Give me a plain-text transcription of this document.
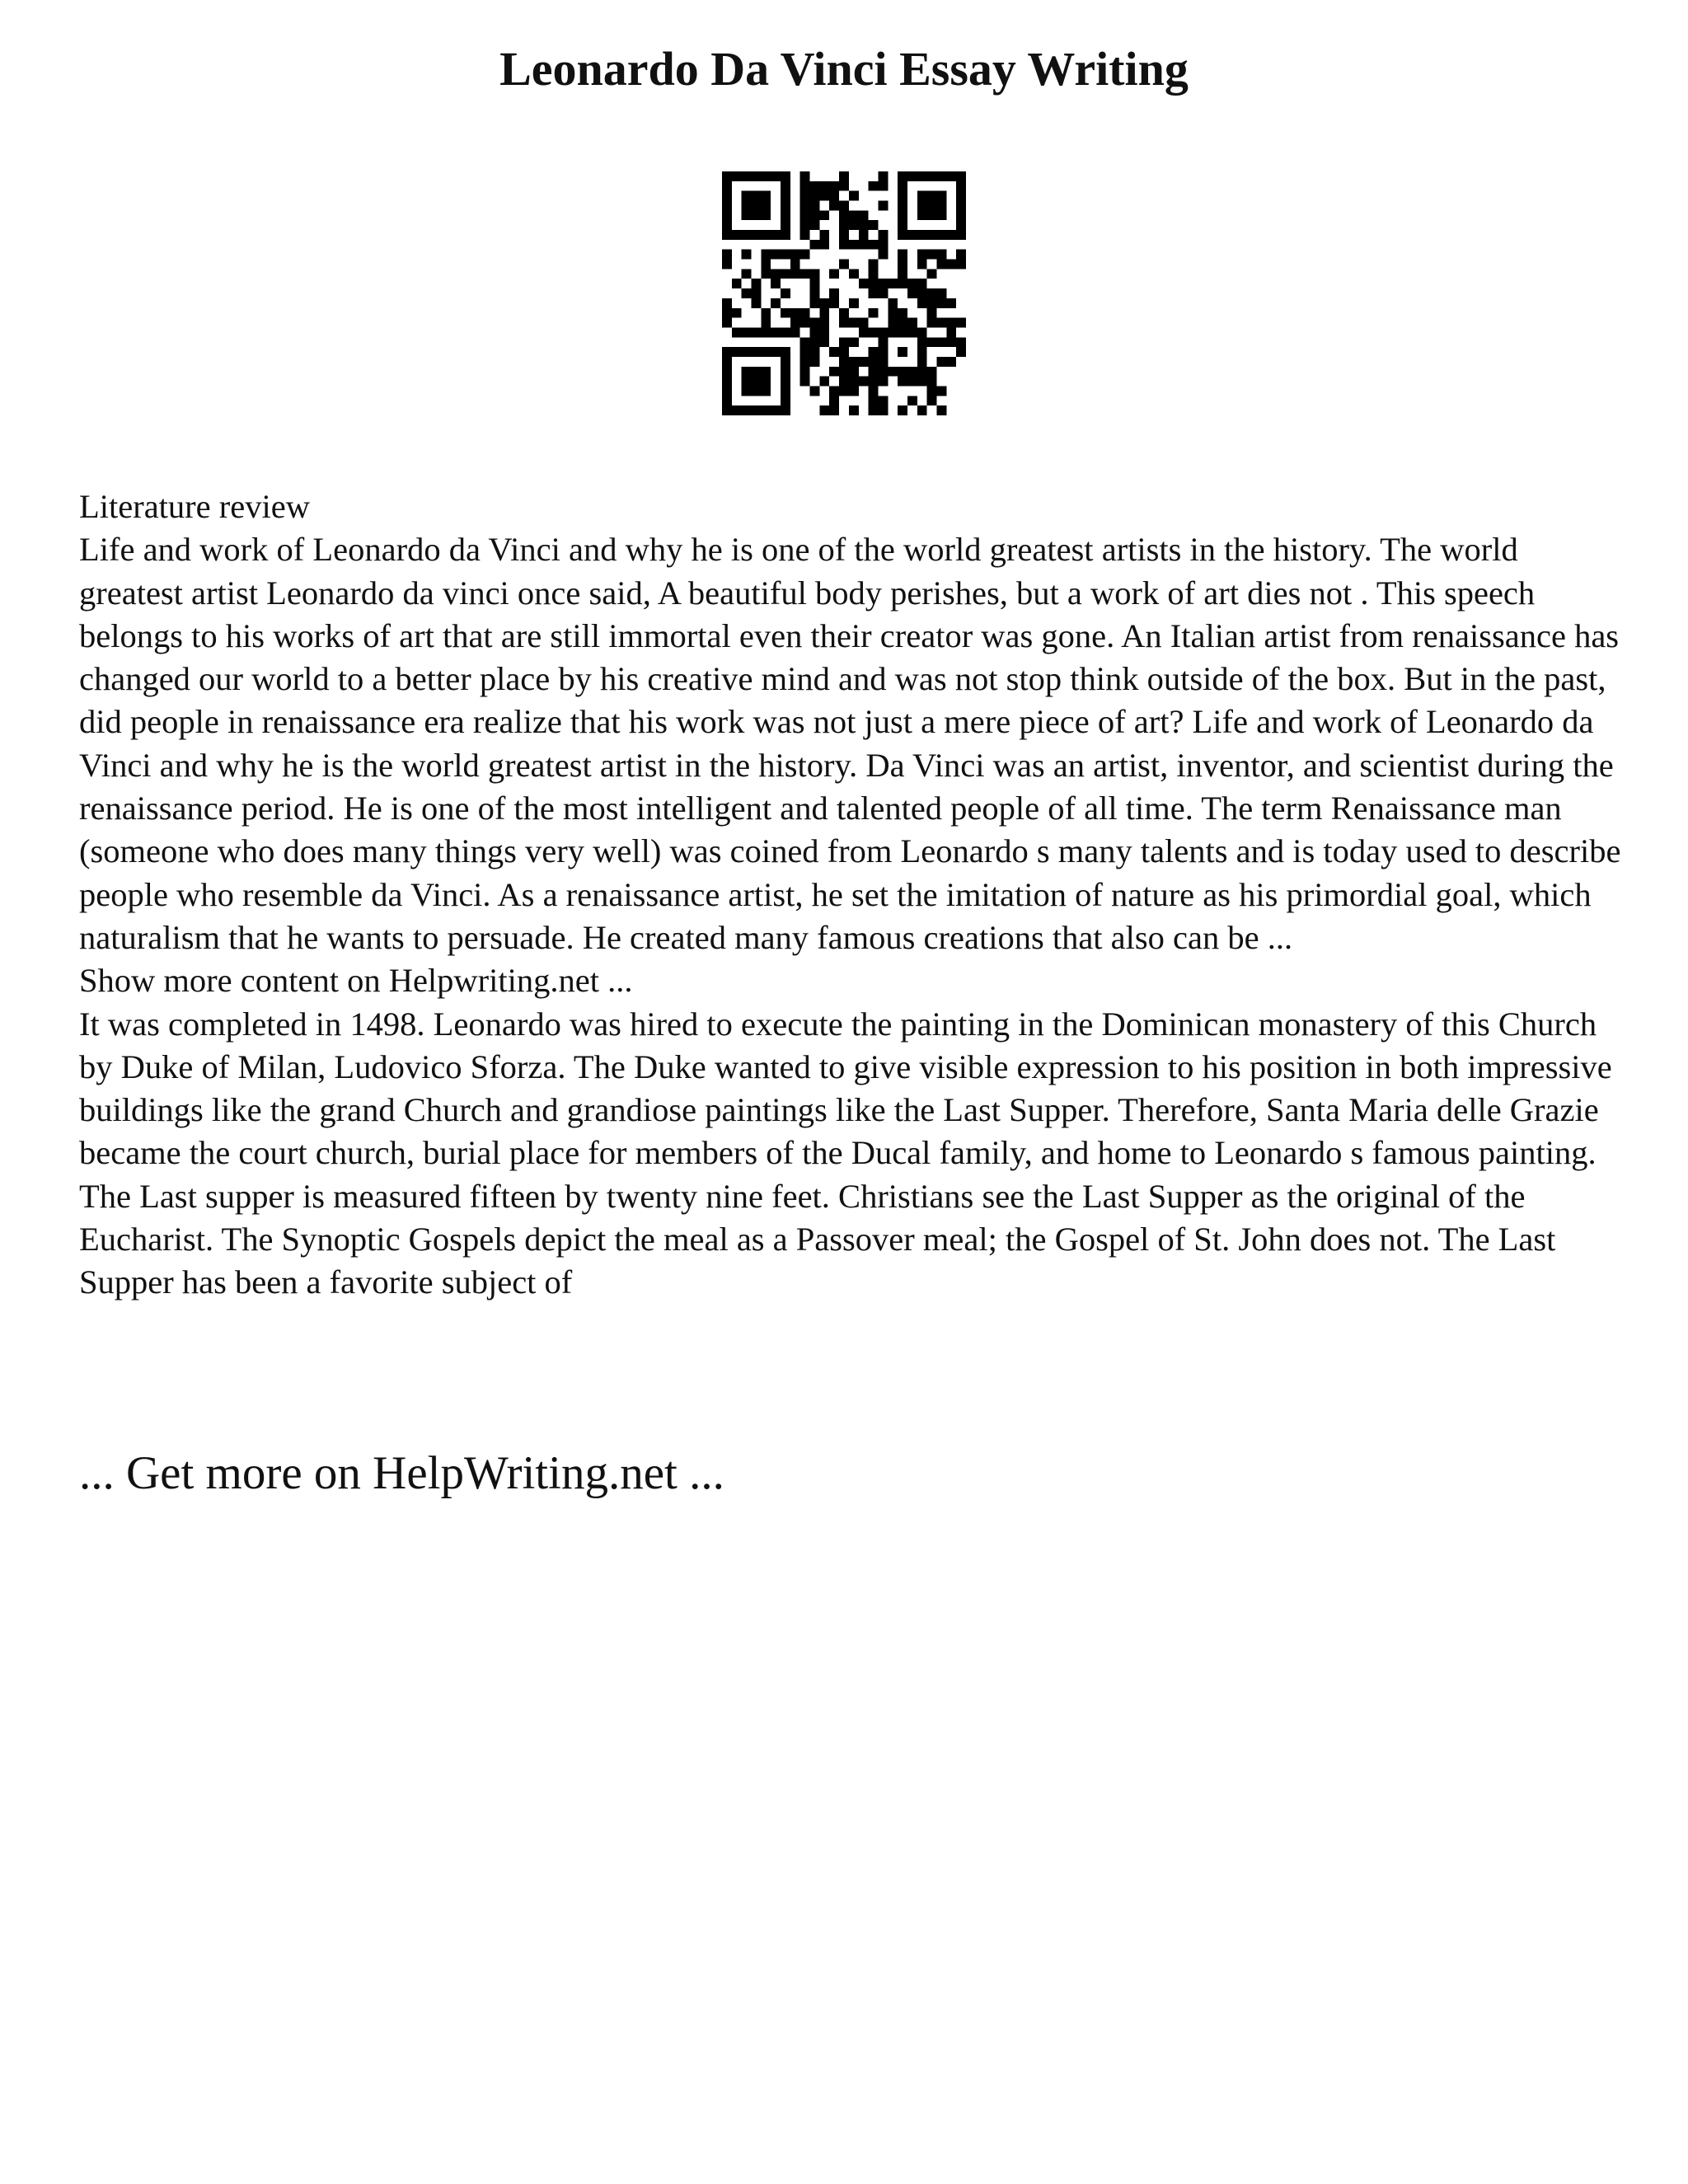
Leonardo Da Vinci Essay Writing

Literature review

Life and work of Leonardo da Vinci and why he is one of the world greatest artists in the history. The world greatest artist Leonardo da vinci once said, A beautiful body perishes, but a work of art dies not . This speech belongs to his works of art that are still immortal even their creator was gone. An Italian artist from renaissance has changed our world to a better place by his creative mind and was not stop think outside of the box. But in the past, did people in renaissance era realize that his work was not just a mere piece of art? Life and work of Leonardo da Vinci and why he is the world greatest artist in the history. Da Vinci was an artist, inventor, and scientist during the renaissance period. He is one of the most intelligent and talented people of all time. The term Renaissance man (someone who does many things very well) was coined from Leonardo s many talents and is today used to describe people who resemble da Vinci. As a renaissance artist, he set the imitation of nature as his primordial goal, which naturalism that he wants to persuade. He created many famous creations that also can be ...

Show more content on Helpwriting.net ...

It was completed in 1498. Leonardo was hired to execute the painting in the Dominican monastery of this Church by Duke of Milan, Ludovico Sforza. The Duke wanted to give visible expression to his position in both impressive buildings like the grand Church and grandiose paintings like the Last Supper. Therefore, Santa Maria delle Grazie became the court church, burial place for members of the Ducal family, and home to Leonardo s famous painting. The Last supper is measured fifteen by twenty nine feet. Christians see the Last Supper as the original of the Eucharist. The Synoptic Gospels depict the meal as a Passover meal; the Gospel of St. John does not. The Last Supper has been a favorite subject of

... Get more on HelpWriting.net ...
